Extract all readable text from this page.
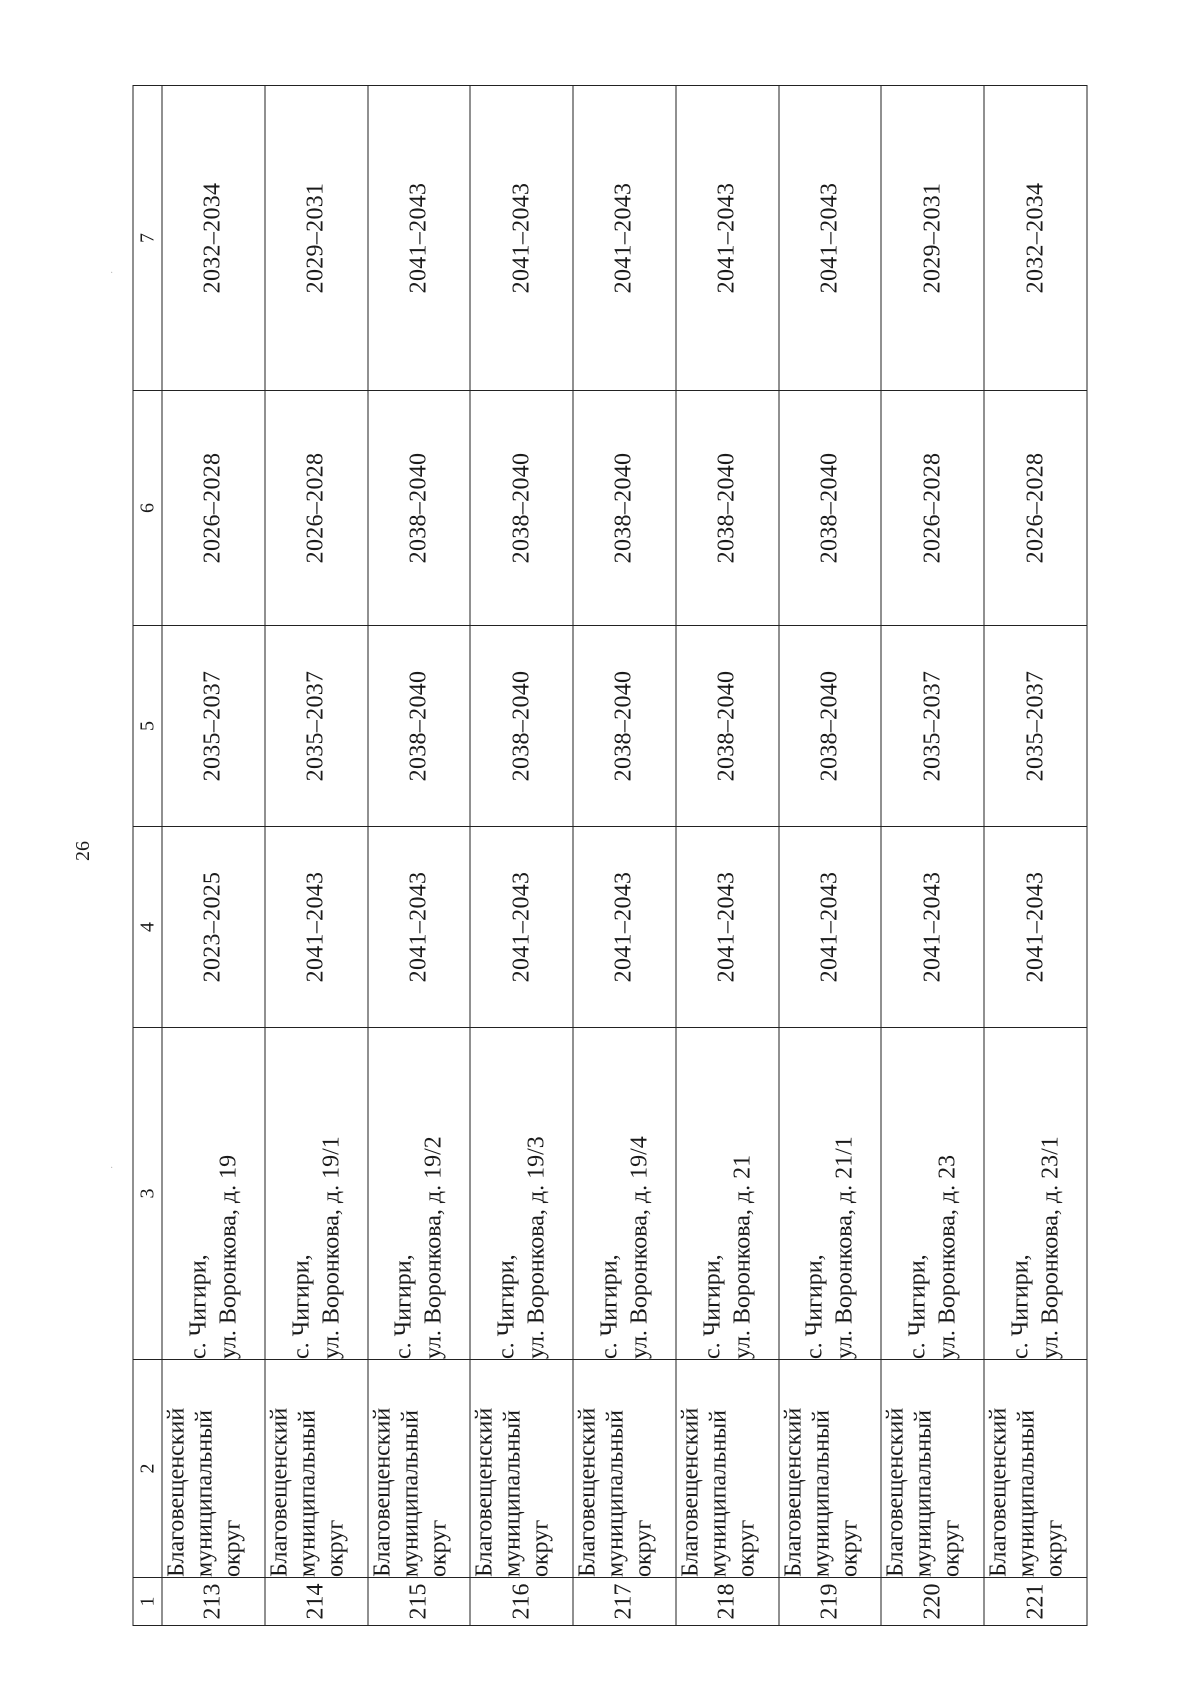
26
·
·
1	2	3	4	5	6	7
213	Благовещенский муниципальный округ	с. Чигири, ул. Воронкова, д. 19	2023–2025	2035–2037	2026–2028	2032–2034
214	Благовещенский муниципальный округ	с. Чигири, ул. Воронкова, д. 19/1	2041–2043	2035–2037	2026–2028	2029–2031
215	Благовещенский муниципальный округ	с. Чигири, ул. Воронкова, д. 19/2	2041–2043	2038–2040	2038–2040	2041–2043
216	Благовещенский муниципальный округ	с. Чигири, ул. Воронкова, д. 19/3	2041–2043	2038–2040	2038–2040	2041–2043
217	Благовещенский муниципальный округ	с. Чигири, ул. Воронкова, д. 19/4	2041–2043	2038–2040	2038–2040	2041–2043
218	Благовещенский муниципальный округ	с. Чигири, ул. Воронкова, д. 21	2041–2043	2038–2040	2038–2040	2041–2043
219	Благовещенский муниципальный округ	с. Чигири, ул. Воронкова, д. 21/1	2041–2043	2038–2040	2038–2040	2041–2043
220	Благовещенский муниципальный округ	с. Чигири, ул. Воронкова, д. 23	2041–2043	2035–2037	2026–2028	2029–2031
221	Благовещенский муниципальный округ	с. Чигири, ул. Воронкова, д. 23/1	2041–2043	2035–2037	2026–2028	2032–2034
